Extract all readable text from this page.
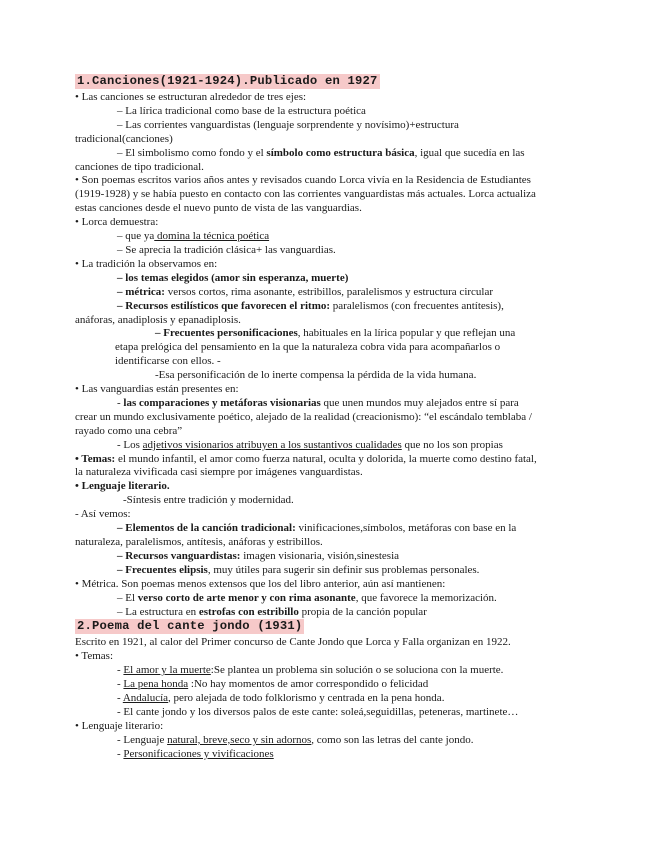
1.Canciones(1921-1924).Publicado en 1927
• Las canciones se estructuran alrededor de tres ejes:
– La lírica tradicional como base de la estructura poética
– Las corrientes vanguardistas (lenguaje sorprendente y novísimo)+estructura
tradicional(canciones)
– El simbolismo como fondo y el símbolo como estructura básica, igual que sucedía en las
canciones de tipo tradicional.
• Son poemas escritos varios años antes y revisados cuando Lorca vivía en la Residencia de Estudiantes
(1919-1928) y se había puesto en contacto con las corrientes vanguardistas más actuales. Lorca actualiza
estas canciones desde el nuevo punto de vista de las vanguardias.
• Lorca demuestra:
– que ya domina la técnica poética
– Se aprecia la tradición clásica+ las vanguardias.
• La tradición la observamos en:
– los temas elegidos (amor sin esperanza, muerte)
– métrica: versos cortos, rima asonante, estribillos, paralelismos y estructura circular
– Recursos estilísticos que favorecen el ritmo: paralelismos (con frecuentes antítesis),
anáforas, anadiplosis y epanadiplosis.
– Frecuentes personificaciones, habituales en la lírica popular y que reflejan una
etapa prelógica del pensamiento en la que la naturaleza cobra vida para acompañarlos o
identificarse con ellos. -
-Esa personificación de lo inerte compensa la pérdida de la vida humana.
• Las vanguardias están presentes en:
- las comparaciones y metáforas visionarias que unen mundos muy alejados entre sí para
crear un mundo exclusivamente poético, alejado de la realidad (creacionismo): “el escándalo temblaba /
rayado como una cebra”
- Los adjetivos visionarios atribuyen a los sustantivos cualidades que no los son propias
• Temas: el mundo infantil, el amor como fuerza natural, oculta y dolorida, la muerte como destino fatal,
la naturaleza vivificada casi siempre por imágenes vanguardistas.
• Lenguaje literario.
-Síntesis entre tradición y modernidad.
- Así vemos:
– Elementos de la canción tradicional: vinificaciones,símbolos, metáforas con base en la
naturaleza, paralelismos, antítesis, anáforas y estribillos.
– Recursos vanguardistas: imagen visionaria, visión,sinestesia
– Frecuentes elipsis, muy útiles para sugerir sin definir sus problemas personales.
• Métrica. Son poemas menos extensos que los del libro anterior, aún así mantienen:
– El verso corto de arte menor y con rima asonante, que favorece la memorización.
– La estructura en estrofas con estribillo propia de la canción popular
2.Poema del cante jondo (1931)
Escrito en 1921, al calor del Primer concurso de Cante Jondo que Lorca y Falla organizan en 1922.
• Temas:
- El amor y la muerte:Se plantea un problema sin solución o se soluciona con la muerte.
- La pena honda :No hay momentos de amor correspondido o felicidad
- Andalucía, pero alejada de todo folklorismo y centrada en la pena honda.
- El cante jondo y los diversos palos de este cante: soleá,seguidillas, peteneras, martinete…
• Lenguaje literario:
- Lenguaje natural, breve,seco y sin adornos, como son las letras del cante jondo.
- Personificaciones y vivificaciones
